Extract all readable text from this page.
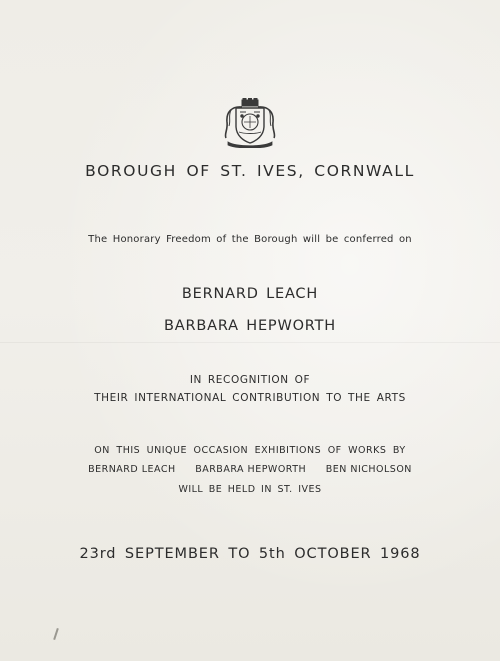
BOROUGH OF ST. IVES, CORNWALL
The Honorary Freedom of the Borough will be conferred on
BERNARD LEACH
BARBARA HEPWORTH
IN RECOGNITION OF
THEIR INTERNATIONAL CONTRIBUTION TO THE ARTS
ON THIS UNIQUE OCCASION EXHIBITIONS OF WORKS BY
BERNARD LEACH BARBARA HEPWORTH BEN NICHOLSON
WILL BE HELD IN ST. IVES
23rd SEPTEMBER TO 5th OCTOBER 1968
